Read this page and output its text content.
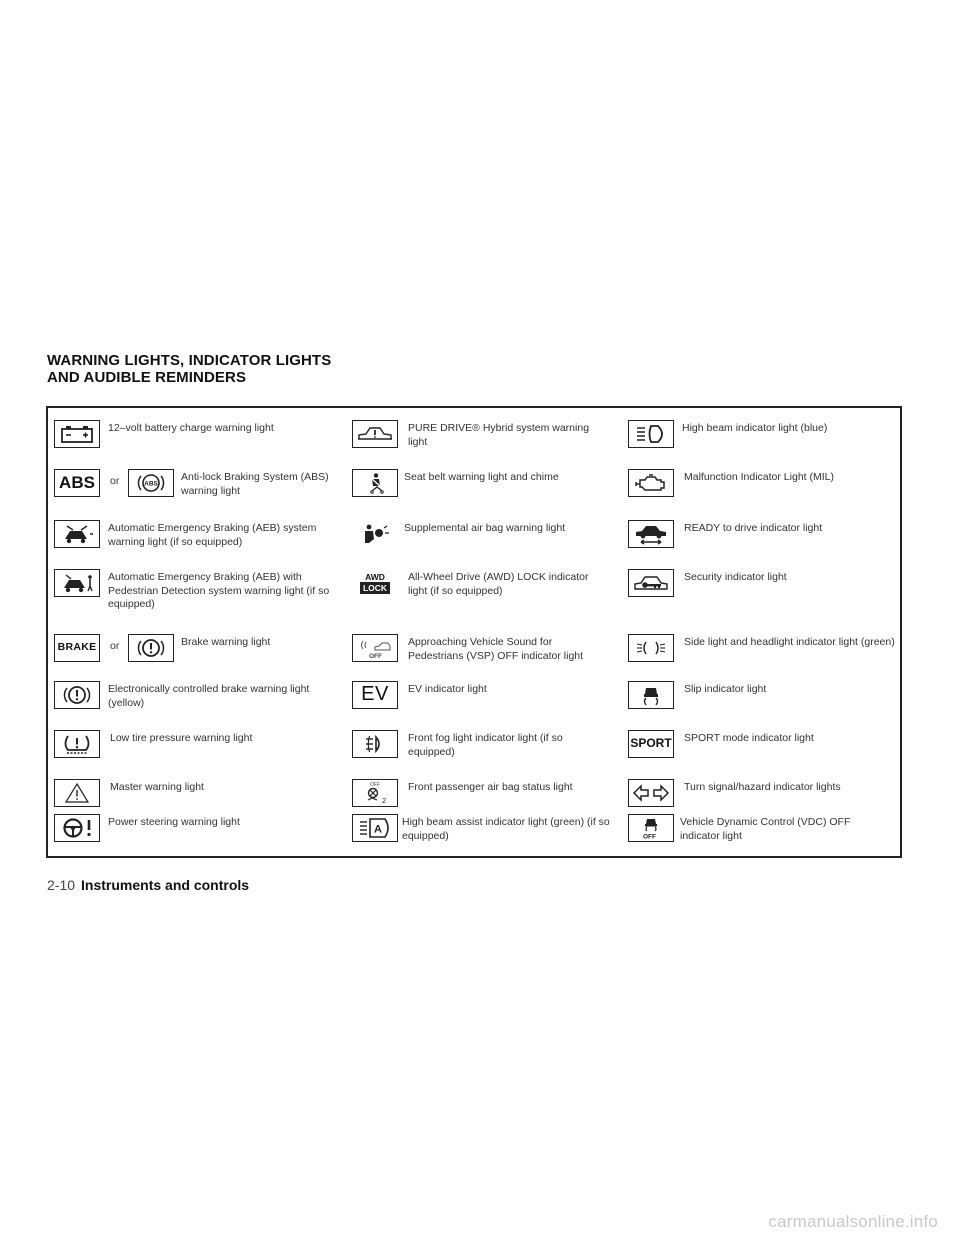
WARNING LIGHTS, INDICATOR LIGHTS
AND AUDIBLE REMINDERS
12–volt battery charge warning light
ABS or	ABS
Anti-lock Braking System (ABS) warning light
Automatic Emergency Braking (AEB) system warning light (if so equipped)
Automatic Emergency Braking (AEB) with Pedestrian Detection system warning light (if so equipped)
BRAKE or	Brake warning light
Electronically controlled brake warning light (yellow)
Low tire pressure warning light
Master warning light
Power steering warning light
PURE DRIVE® Hybrid system warning light
Seat belt warning light and chime
Supplemental air bag warning light
AWD
LOCK
All-Wheel Drive (AWD) LOCK indicator light (if so equipped)
OFF
Approaching Vehicle Sound for Pedestrians (VSP) OFF indicator light
EV EV indicator light
Front fog light indicator light (if so equipped)
OFF
2
Front passenger air bag status light
A
High beam assist indicator light (green) (if so equipped)
High beam indicator light (blue)
Malfunction Indicator Light (MIL)
READY to drive indicator light
Security indicator light
Side light and headlight indicator light (green)
Slip indicator light
SPORT SPORT mode indicator light
Turn signal/hazard indicator lights
OFF
Vehicle Dynamic Control (VDC) OFF indicator light
2-10 Instruments and controls
carmanualsonline.info
